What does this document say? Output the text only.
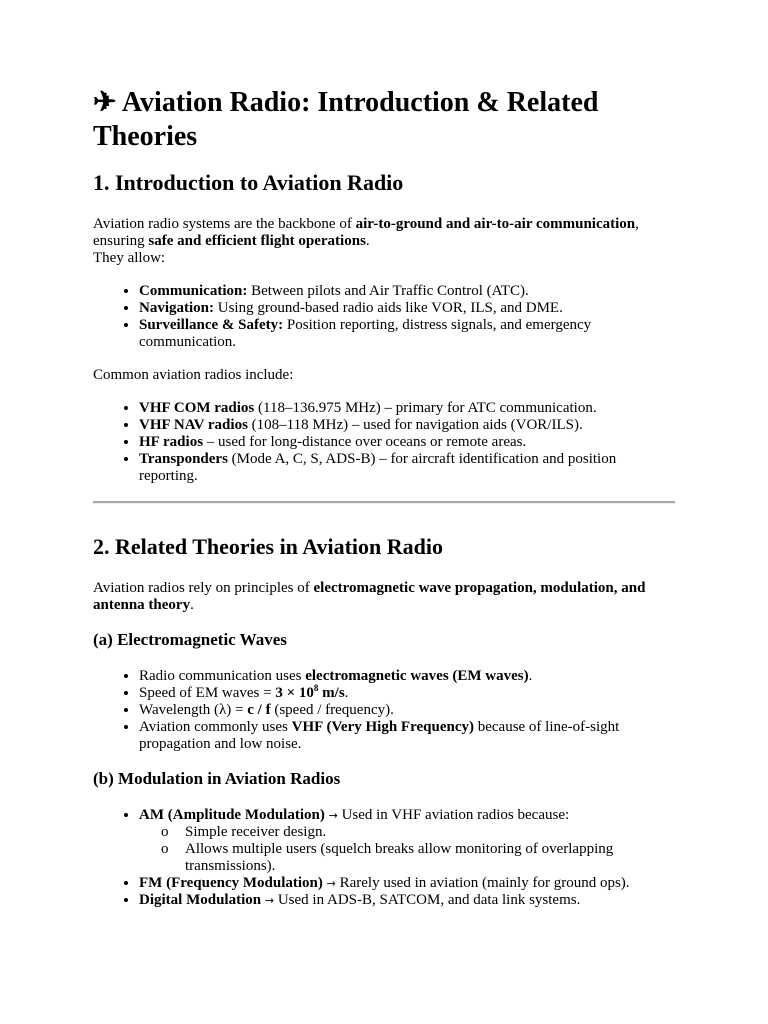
✈ Aviation Radio: Introduction & Related Theories
1. Introduction to Aviation Radio

Aviation radio systems are the backbone of air-to-ground and air-to-air communication,
ensuring safe and efficient flight operations.
They allow:

• Communication: Between pilots and Air Traffic Control (ATC).
• Navigation: Using ground-based radio aids like VOR, ILS, and DME.
• Surveillance & Safety: Position reporting, distress signals, and emergency communication.

Common aviation radios include:

• VHF COM radios (118–136.975 MHz) – primary for ATC communication.
• VHF NAV radios (108–118 MHz) – used for navigation aids (VOR/ILS).
• HF radios – used for long-distance over oceans or remote areas.
• Transponders (Mode A, C, S, ADS-B) – for aircraft identification and position reporting.
2. Related Theories in Aviation Radio

Aviation radios rely on principles of electromagnetic wave propagation, modulation, and antenna theory.

(a) Electromagnetic Waves
• Radio communication uses electromagnetic waves (EM waves).
• Speed of EM waves = $3 \times 10^8$ m/s.
• Wavelength (λ) = c / f (speed / frequency).
• Aviation commonly uses VHF (Very High Frequency) because of line-of-sight propagation and low noise.
(b) Modulation in Aviation Radios
• AM (Amplitude Modulation) → Used in VHF aviation radios because:
o Simple receiver design.
o Allows multiple users (squelch breaks allow monitoring of overlapping transmissions).
• FM (Frequency Modulation) → Rarely used in aviation (mainly for ground ops).
• Digital Modulation → Used in ADS-B, SATCOM, and data link systems.
